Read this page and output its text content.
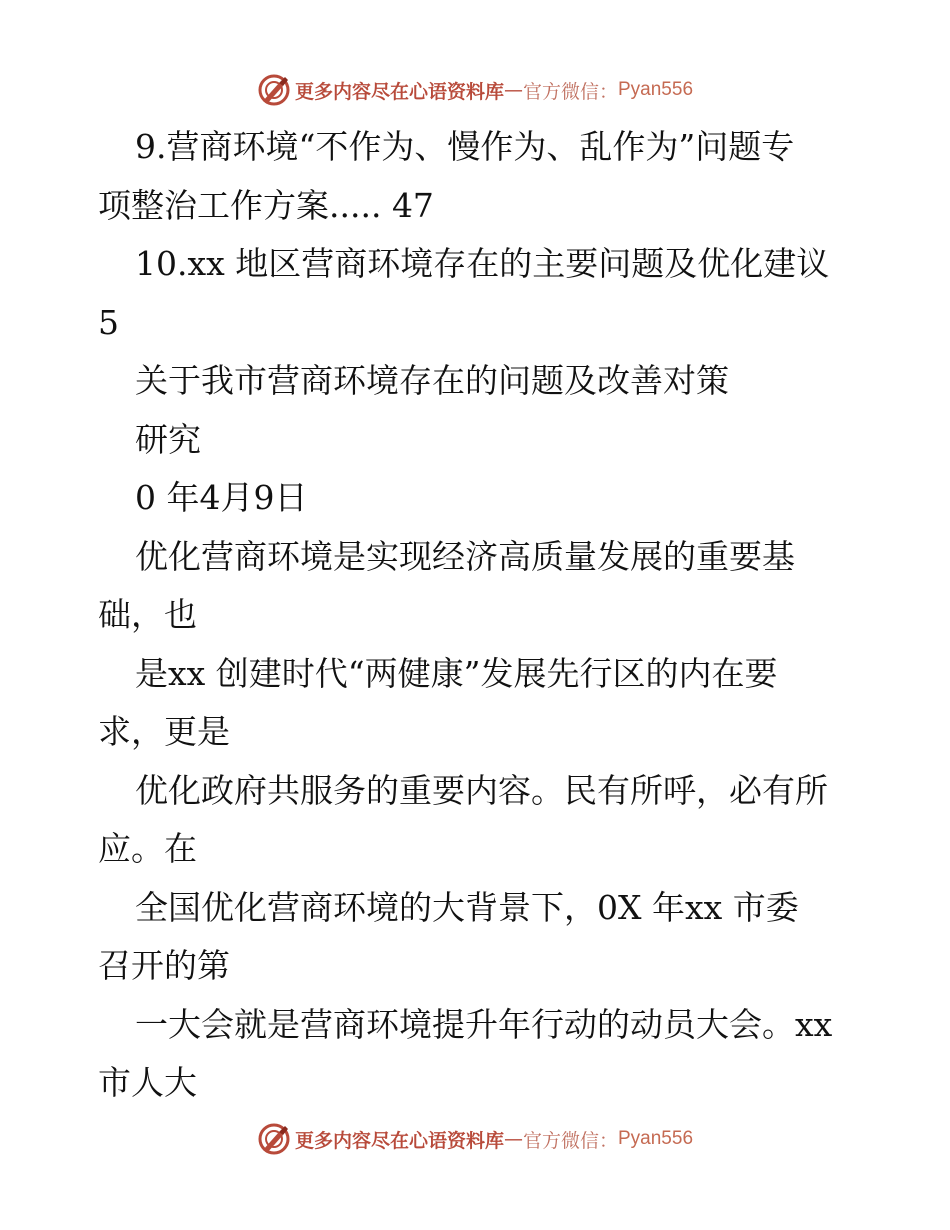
更多内容尽在心语资料库 — 官方微信： Pyan556
9.营商环境“不作为、慢作为、乱作为”问题专
项整治工作方案..... 47
10.xx 地区营商环境存在的主要问题及优化建议
5
关于我市营商环境存在的问题及改善对策
研究
0 年4月9日
优化营商环境是实现经济高质量发展的重要基
础，也
是xx 创建时代“两健康”发展先行区的内在要
求，更是
优化政府共服务的重要内容。民有所呼，必有所
应。在
全国优化营商环境的大背景下，0X 年xx 市委
召开的第
一大会就是营商环境提升年行动的动员大会。xx
市人大
更多内容尽在心语资料库 — 官方微信： Pyan556
